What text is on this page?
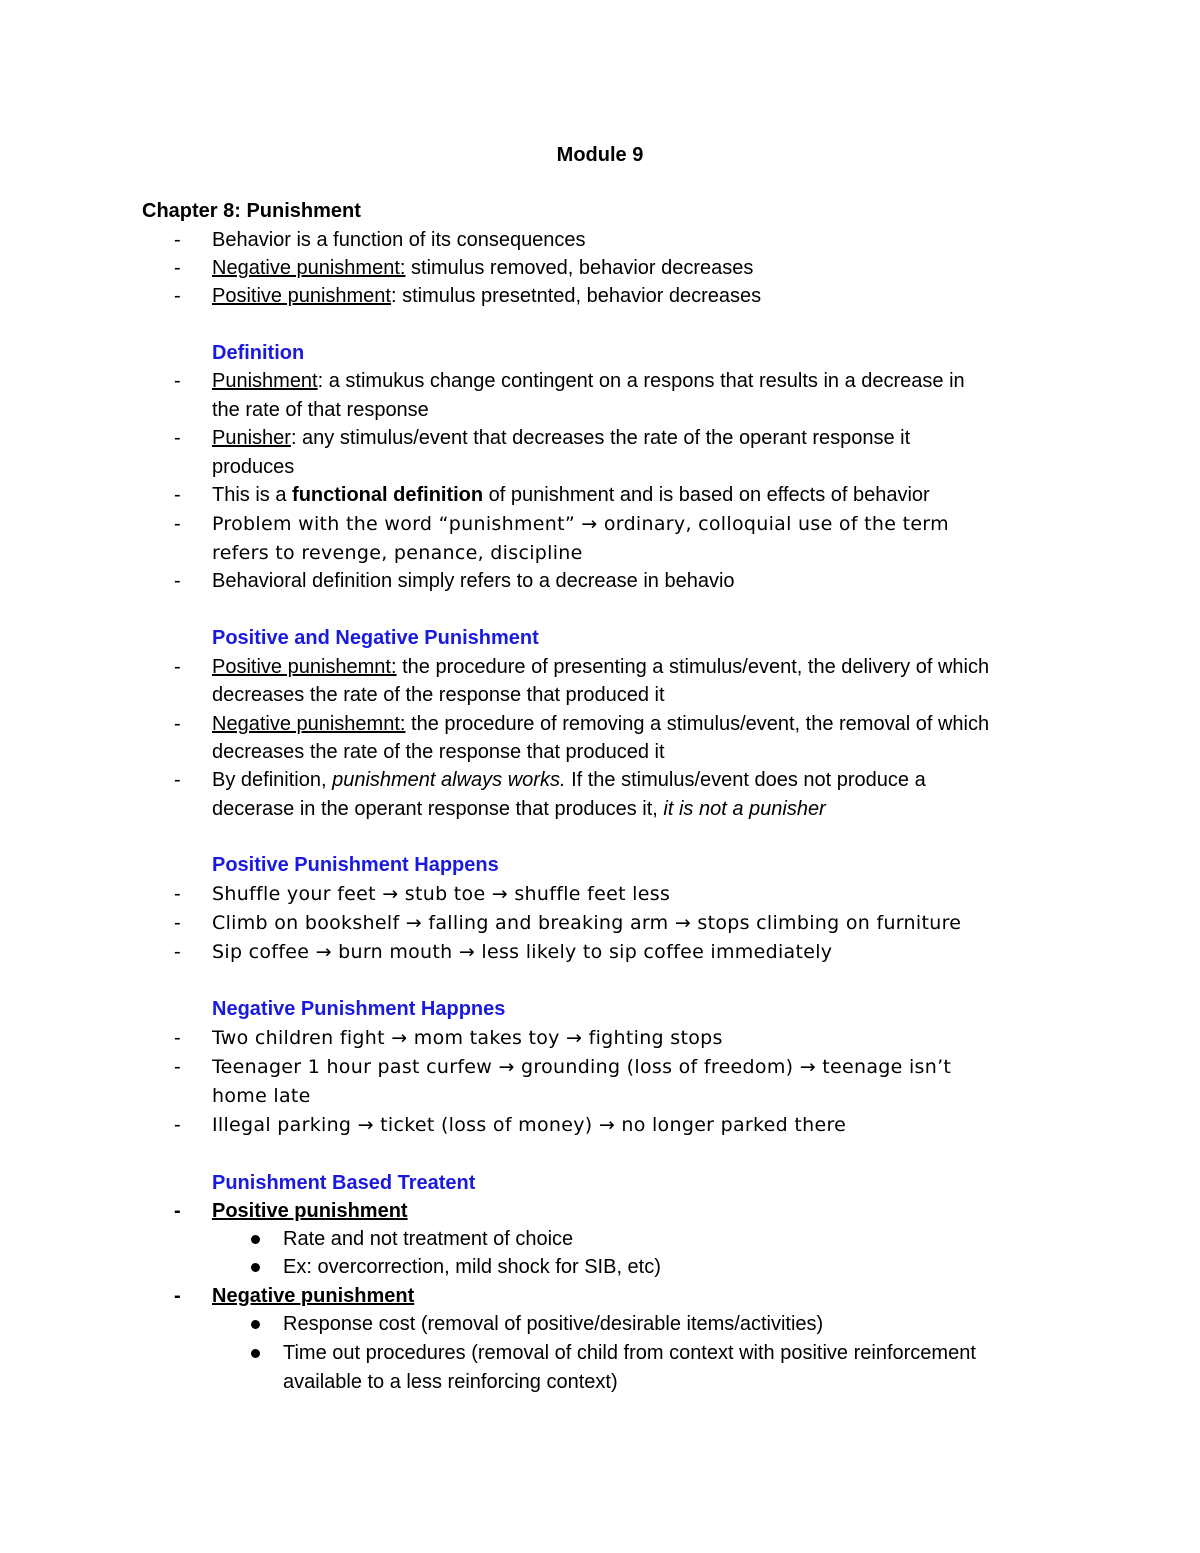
Module 9
Chapter 8: Punishment
- Behavior is a function of its consequences
- Negative punishment: stimulus removed, behavior decreases
- Positive punishment: stimulus presetnted, behavior decreases
Definition
- Punishment: a stimukus change contingent on a respons that results in a decrease in
the rate of that response
- Punisher: any stimulus/event that decreases the rate of the operant response it
produces
- This is a functional definition of punishment and is based on effects of behavior
- Problem with the word “punishment” → ordinary, colloquial use of the term
refers to revenge, penance, discipline
- Behavioral definition simply refers to a decrease in behavio
Positive and Negative Punishment
- Positive punishemnt: the procedure of presenting a stimulus/event, the delivery of which
decreases the rate of the response that produced it
- Negative punishemnt: the procedure of removing a stimulus/event, the removal of which
decreases the rate of the response that produced it
- By definition, punishment always works. If the stimulus/event does not produce a
decerase in the operant response that produces it, it is not a punisher
Positive Punishment Happens
- Shuffle your feet → stub toe → shuffle feet less
- Climb on bookshelf → falling and breaking arm → stops climbing on furniture
- Sip coffee → burn mouth → less likely to sip coffee immediately
Negative Punishment Happnes
- Two children fight → mom takes toy → fighting stops
- Teenager 1 hour past curfew → grounding (loss of freedom) → teenage isn’t
home late
- Illegal parking → ticket (loss of money) → no longer parked there
Punishment Based Treatent
- Positive punishment
Rate and not treatment of choice
Ex: overcorrection, mild shock for SIB, etc)
- Negative punishment
Response cost (removal of positive/desirable items/activities)
Time out procedures (removal of child from context with positive reinforcement
available to a less reinforcing context)
